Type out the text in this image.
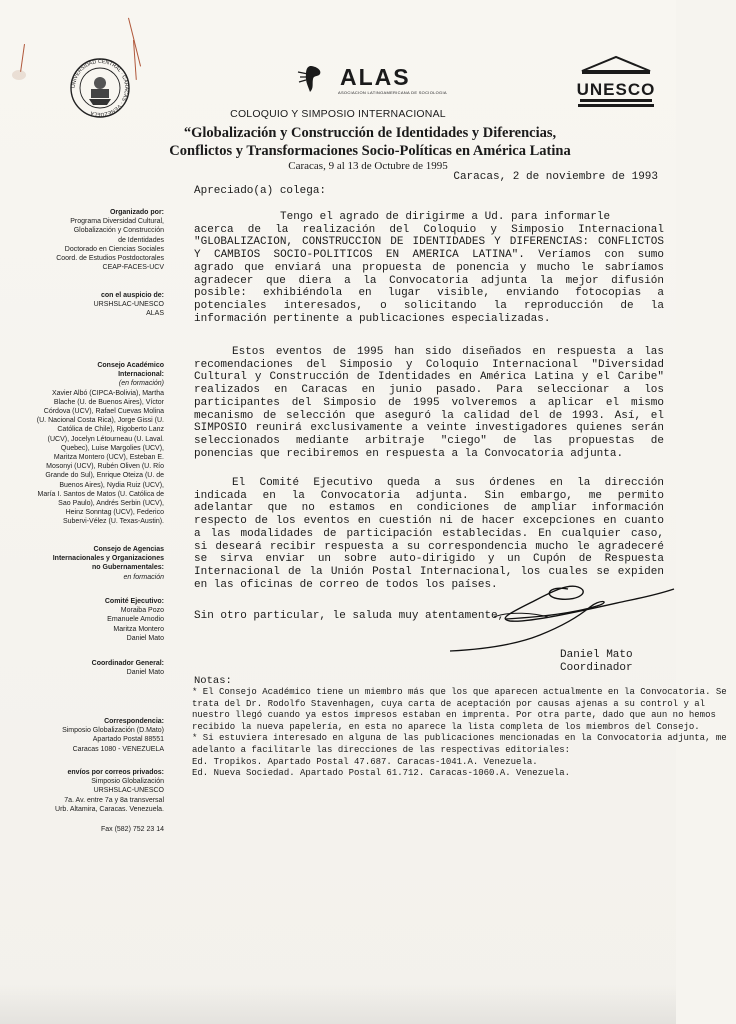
UNIVERSIDAD CENTRAL · CARACAS · VENEZUELA
ALAS
ASOCIACION LATINOAMERICANA DE SOCIOLOGIA	UNESCO
COLOQUIO Y SIMPOSIO INTERNACIONAL
“Globalización y Construcción de Identidades y Diferencias,
Conflictos y Transformaciones Socio-Políticas en América Latina
Caracas, 9 al 13 de Octubre de 1995
Organizado por:
Programa Diversidad Cultural,
Globalización y Construcción
de Identidades
Doctorado en Ciencias Sociales
Coord. de Estudios Postdoctorales
CEAP-FACES-UCV
con el auspicio de:
URSHSLAC-UNESCO
ALAS
Consejo Académico
Internacional:
(en formación)
Xavier Albó (CIPCA-Bolivia), Martha
Blache (U. de Buenos Aires), Víctor
Córdova (UCV), Rafael Cuevas Molina
(U. Nacional Costa Rica), Jorge Gissi (U.
Católica de Chile), Rigoberto Lanz
(UCV), Jocelyn Létourneau (U. Laval.
Quebec), Luise Margolies (UCV),
Maritza Montero (UCV), Esteban E.
Mosonyi (UCV), Rubén Oliven (U. Río
Grande do Sul), Enrique Oteiza (U. de
Buenos Aires), Nydia Ruiz (UCV),
María I. Santos de Matos (U. Católica de
Sao Paulo), Andrés Serbin (UCV),
Heinz Sonntag (UCV), Federico
Subervi-Vélez (U. Texas-Austin).
Consejo de Agencias
Internacionales y Organizaciones
no Gubernamentales:
en formación
Comité Ejecutivo:
Moraiba Pozo
Emanuele Amodio
Maritza Montero
Daniel Mato
Coordinador General:
Daniel Mato
Correspondencia:
Simposio Globalización (D.Mato)
Apartado Postal 88551
Caracas 1080 - VENEZUELA
envíos por correos privados:
Simposio Globalización
URSHSLAC-UNESCO
7a. Av. entre 7a y 8a transversal
Urb. Altamira, Caracas. Venezuela.
Fax (582) 752 23 14
Caracas, 2 de noviembre de 1993
Apreciado(a) colega:
Tengo el agrado de dirigirme a Ud. para informarle
acerca de la realización del Coloquio y Simposio Internacional
"GLOBALIZACION, CONSTRUCCION DE IDENTIDADES Y DIFERENCIAS: CONFLICTOS
Y CAMBIOS SOCIO-POLITICOS EN AMERICA LATINA". Veríamos con sumo
agrado que enviará una propuesta de ponencia y mucho le sabríamos
agradecer que diera a la Convocatoria adjunta la mejor difusión
posible: exhibiéndola en lugar visible, enviando fotocopias a
potenciales interesados, o solicitando la reproducción de la
información pertinente a publicaciones especializadas.
Estos eventos de 1995 han sido diseñados en respuesta a las
recomendaciones del Simposio y Coloquio Internacional "Diversidad
Cultural y Construcción de Identidades en América Latina y el Caribe"
realizados en Caracas en junio pasado. Para seleccionar a los
participantes del Simposio de 1995 volveremos a aplicar el mismo
mecanismo de selección que aseguró la calidad del de 1993. Así, el
SIMPOSIO reunirá exclusivamente a veinte investigadores quienes serán
seleccionados mediante arbitraje "ciego" de las propuestas de
ponencias que recibiremos en respuesta a la Convocatoria adjunta.
El Comité Ejecutivo queda a sus órdenes en la dirección
indicada en la Convocatoria adjunta. Sin embargo, me permito
adelantar que no estamos en condiciones de ampliar información
respecto de los eventos en cuestión ni de hacer excepciones en cuanto
a las modalidades de participación establecidas. En cualquier caso,
si deseará recibir respuesta a su correspondencia mucho le agradeceré
se sirva enviar un sobre auto-dirigido y un Cupón de Respuesta
Internacional de la Unión Postal Internacional, los cuales se expiden
en las oficinas de correo de todos los países.
Sin otro particular, le saluda muy atentamente,
Daniel Mato
Coordinador
Notas:
* El Consejo Académico tiene un miembro más que los que aparecen actualmente en la Convocatoria. Se
trata del Dr. Rodolfo Stavenhagen, cuya carta de aceptación por causas ajenas a su control y al
nuestro llegó cuando ya estos impresos estaban en imprenta. Por otra parte, dado que aun no hemos
recibido la nueva papelería, en esta no aparece la lista completa de los miembros del Consejo.
* Si estuviera interesado en alguna de las publicaciones mencionadas en la Convocatoria adjunta, me
adelanto a facilitarle las direcciones de las respectivas editoriales:
Ed. Tropikos. Apartado Postal 47.687. Caracas-1041.A. Venezuela.
Ed. Nueva Sociedad. Apartado Postal 61.712. Caracas-1060.A. Venezuela.
